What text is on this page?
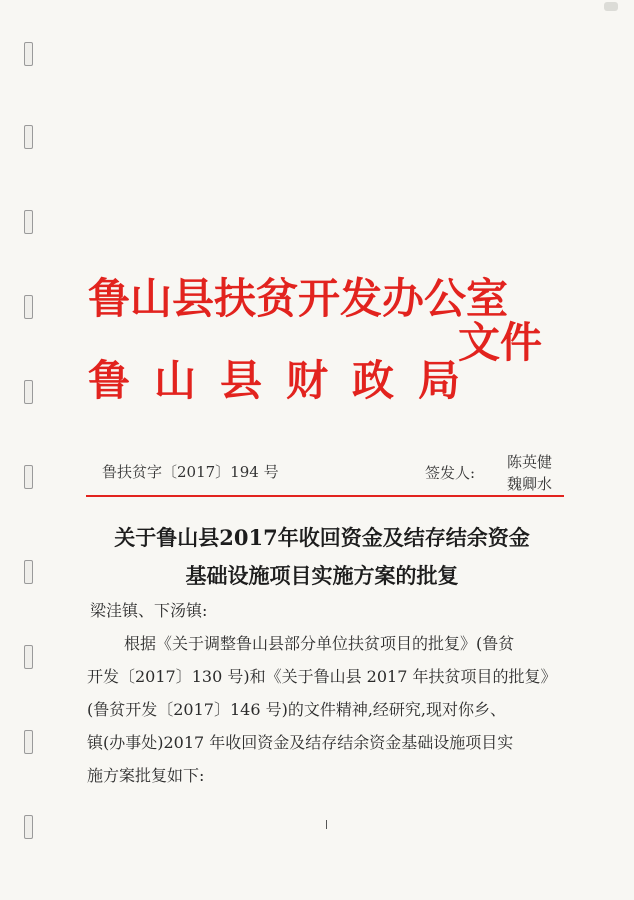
鲁山县扶贫开发办公室
鲁山县财政局
文件
鲁扶贫字〔2017〕194 号	签发人:
陈英健
魏卿水
关于鲁山县2017年收回资金及结存结余资金
基础设施项目实施方案的批复
梁洼镇、下汤镇:
根据《关于调整鲁山县部分单位扶贫项目的批复》(鲁贫
开发〔2017〕130 号)和《关于鲁山县 2017 年扶贫项目的批复》
(鲁贫开发〔2017〕146 号)的文件精神,经研究,现对你乡、
镇(办事处)2017 年收回资金及结存结余资金基础设施项目实
施方案批复如下:
